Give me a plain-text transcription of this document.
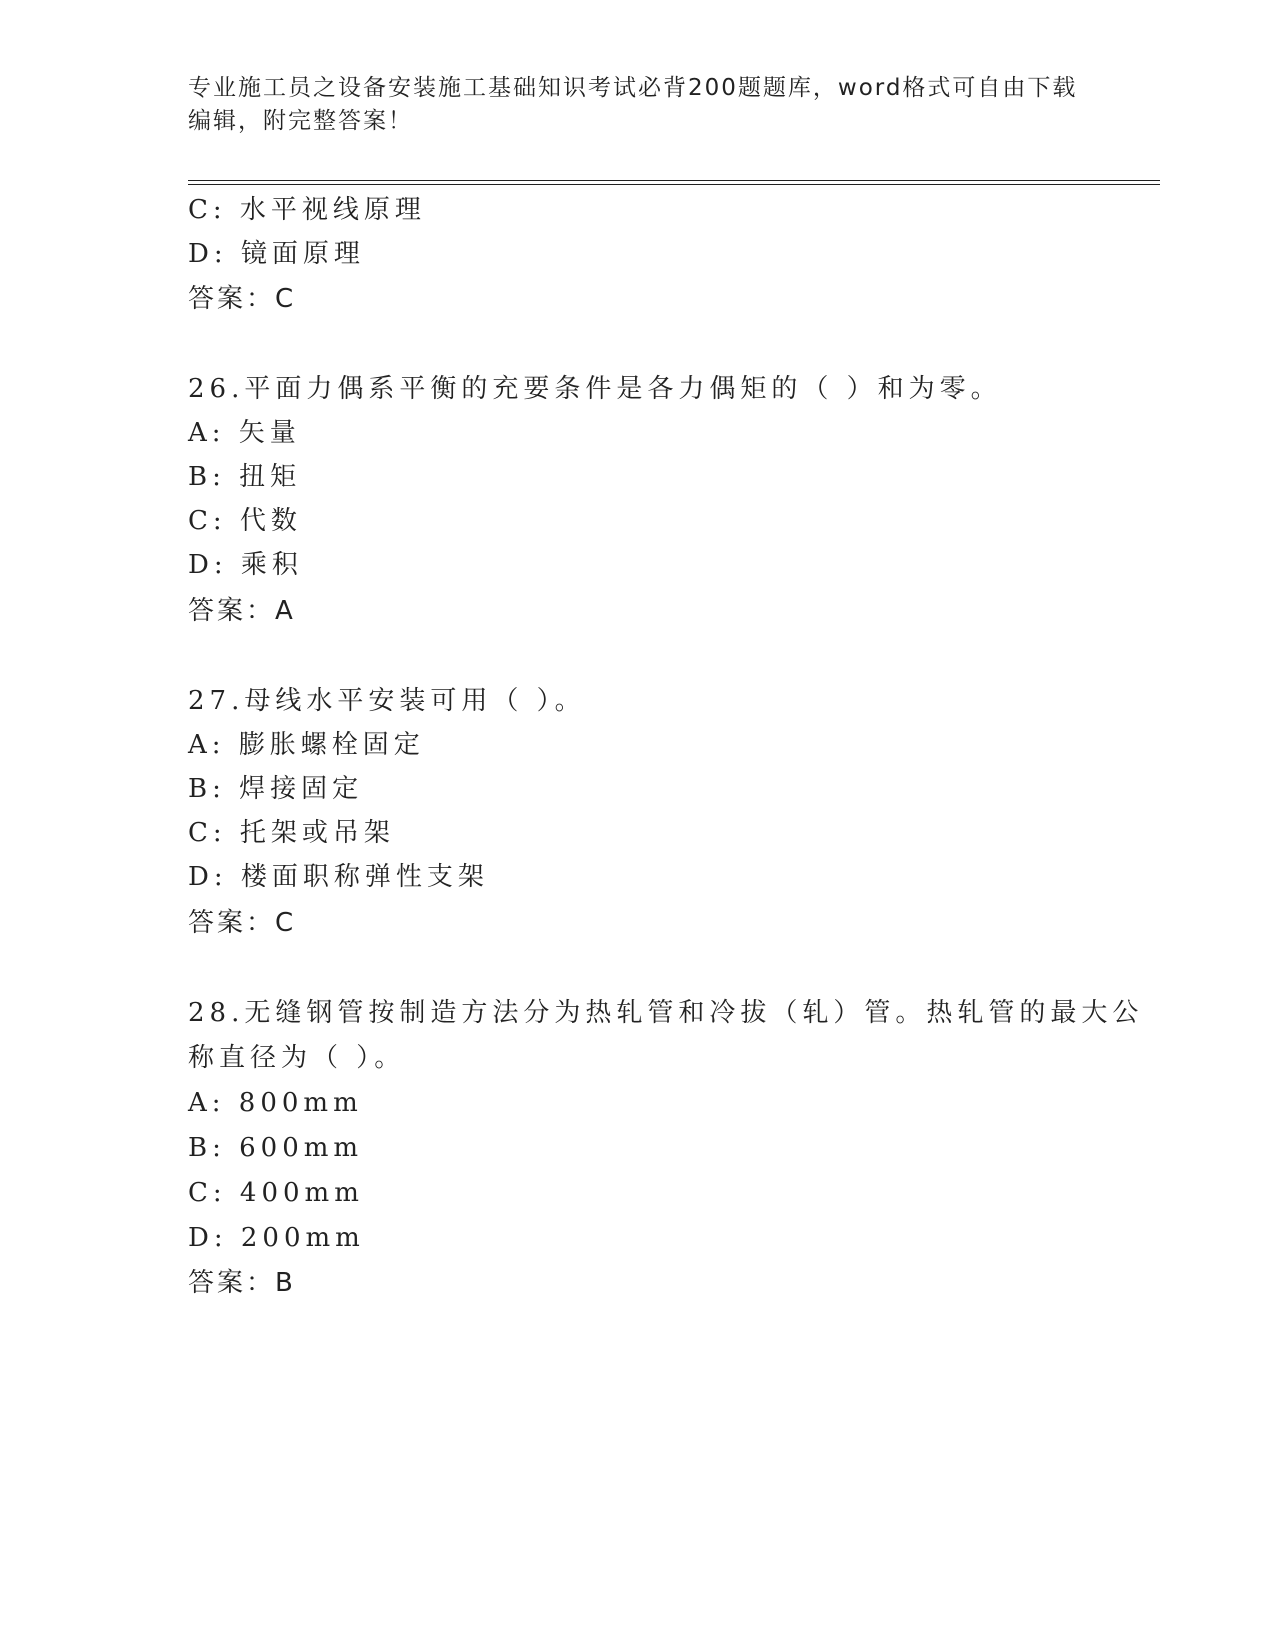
专业施工员之设备安装施工基础知识考试必背200题题库，word格式可自由下载
编辑，附完整答案！
C: 水平视线原理
D: 镜面原理
答案：C
26.平面力偶系平衡的充要条件是各力偶矩的（ ）和为零。
A: 矢量
B: 扭矩
C: 代数
D: 乘积
答案：A
27.母线水平安装可用（ ）。
A: 膨胀螺栓固定
B: 焊接固定
C: 托架或吊架
D: 楼面职称弹性支架
答案：C
28.无缝钢管按制造方法分为热轧管和冷拔（轧）管。热轧管的最大公
称直径为（ ）。
A: 800mm
B: 600mm
C: 400mm
D: 200mm
答案：B
